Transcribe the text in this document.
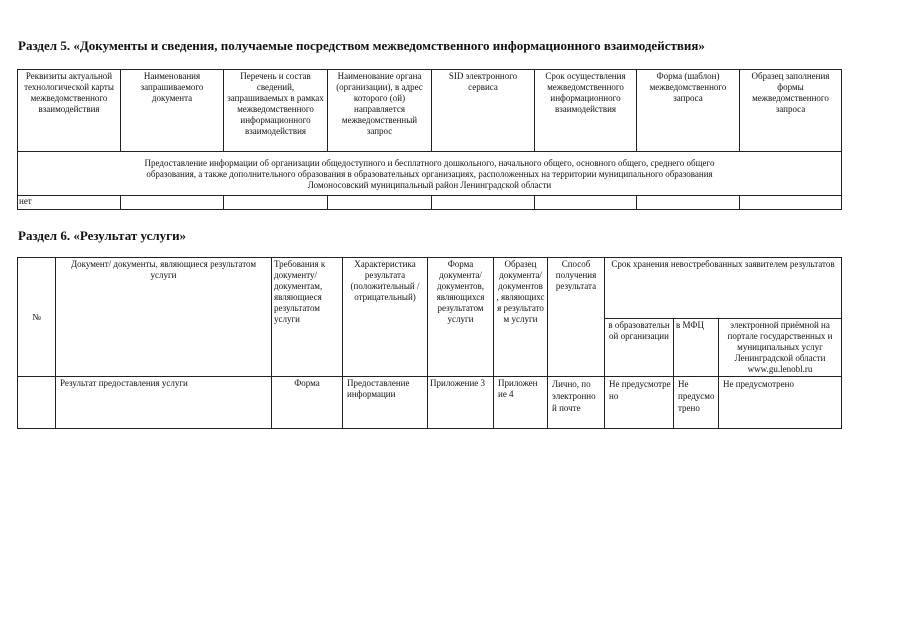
Раздел 5. «Документы и сведения, получаемые посредством межведомственного информационного взаимодействия»
Реквизиты актуальной технологической карты межведомственного взаимодействия	Наименования запрашиваемого документа	Перечень и состав сведений, запрашиваемых в рамках межведомственного информационного взаимодействия	Наименование органа (организации), в адрес которого (ой) направляется межведомственный запрос	SID электронного сервиса	Срок осуществления межведомственного информационного взаимодействия	Форма (шаблон) межведомственного запроса	Образец заполнения формы межведомственного запроса
Предоставление информации об организации общедоступного и бесплатного дошкольного, начального общего, основного общего, среднего общего образования, а также дополнительного образования в образовательных организациях, расположенных на территории муниципального образования Ломоносовский муниципальный район Ленинградской области							
нет							
Раздел 6. «Результат услуги»
№	Документ/ документы, являющиеся результатом услуги	Требования к документу/ документам, являющиеся результатом услуги	Характеристика результата (положительный / отрицательный)	Форма документа/ документов, являющихся результатом услуги	Образец документа/ документов , являющихс я результато м услуги	Способ получения результата	Срок хранения невостребованных заявителем результатов		
							в образовательн ой организации	в МФЦ	электронной приёмной на портале государственных и муниципальных услуг Ленинградской области www.gu.lenobl.ru
	Результат предоставления услуги	Форма	Предоставление информации	Приложение 3	Приложен ие 4	Лично, по электронно й почте	Не предусмотре но	Не предусмо трено	Не предусмотрено
